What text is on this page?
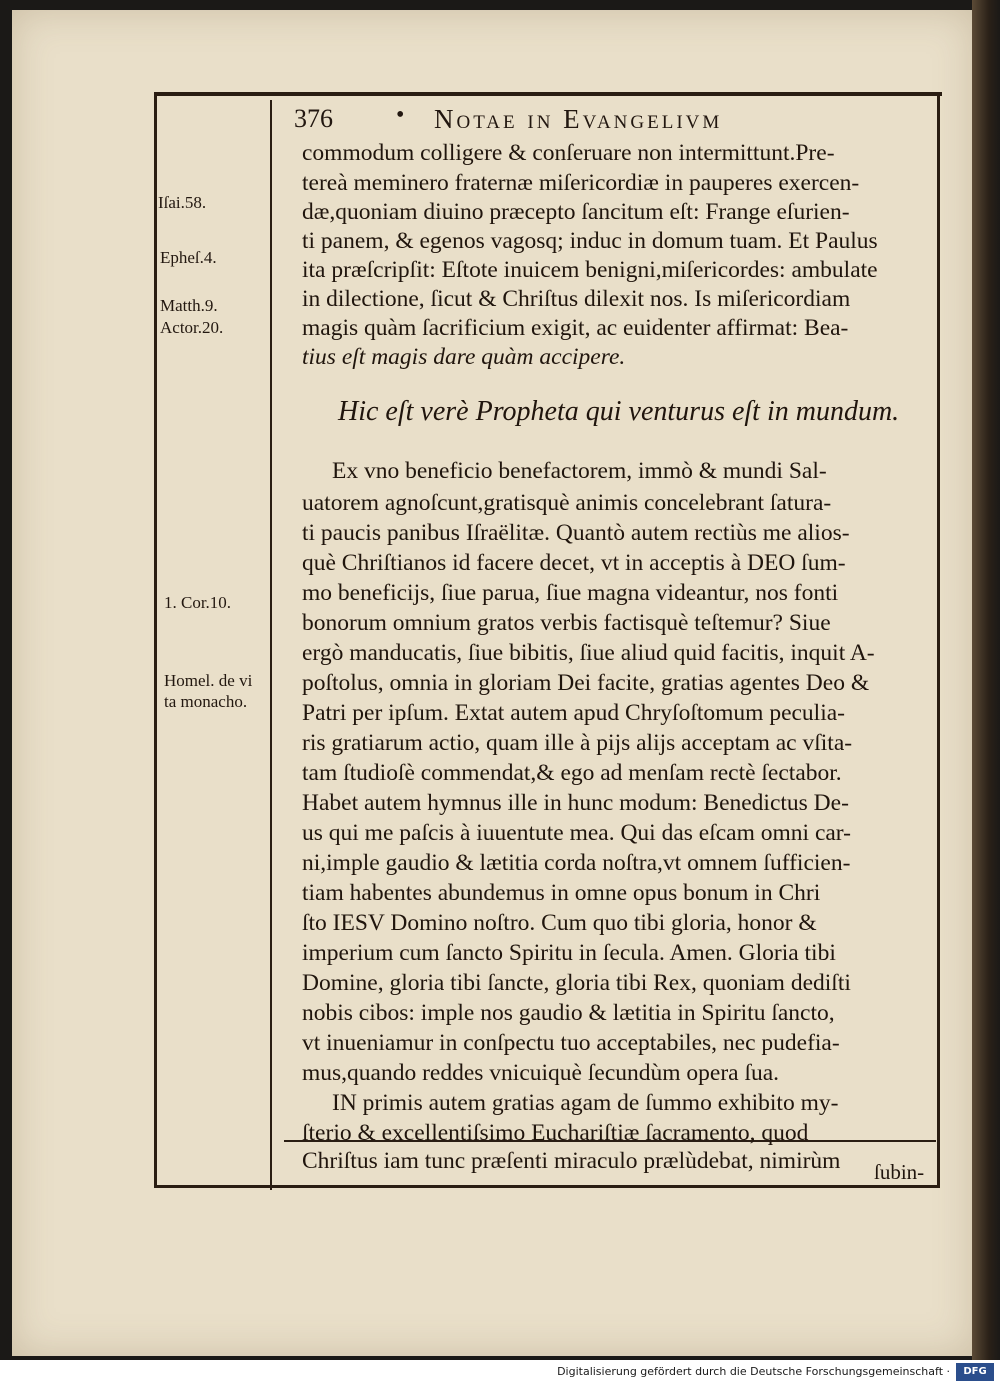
376	• Notae in Evangelivm
Iſai.58.
Epheſ.4.
Matth.9.
Actor.20.
1. Cor.10.
Homel. de vi
ta monacho.
commodum colligere & conſeruare non intermittunt.Pre-
tereà meminero fraternæ miſericordiæ in pauperes exercen-
dæ,quoniam diuino præcepto ſancitum eſt: Frange eſurien-
ti panem, & egenos vagosq; induc in domum tuam. Et Paulus
ita præſcripſit: Eſtote inuicem benigni,miſericordes: ambulate
in dilectione, ſicut & Chriſtus dilexit nos. Is miſericordiam
magis quàm ſacrificium exigit, ac euidenter affirmat: Bea-
tius eſt magis dare quàm accipere.
Hic eſt verè Propheta qui venturus eſt in mundum.
Ex vno beneficio benefactorem, immò & mundi Sal-
uatorem agnoſcunt,gratisquè animis concelebrant ſatura-
ti paucis panibus Iſraëlitæ. Quantò autem rectiùs me alios-
què Chriſtianos id facere decet, vt in acceptis à DEO ſum-
mo beneficijs, ſiue parua, ſiue magna videantur, nos fonti
bonorum omnium gratos verbis factisquè teſtemur? Siue
ergò manducatis, ſiue bibitis, ſiue aliud quid facitis, inquit A-
poſtolus, omnia in gloriam Dei facite, gratias agentes Deo &
Patri per ipſum. Extat autem apud Chryſoſtomum peculia-
ris gratiarum actio, quam ille à pijs alijs acceptam ac vſita-
tam ſtudioſè commendat,& ego ad menſam rectè ſectabor.
Habet autem hymnus ille in hunc modum: Benedictus De-
us qui me paſcis à iuuentute mea. Qui das eſcam omni car-
ni,imple gaudio & lætitia corda noſtra,vt omnem ſufficien-
tiam habentes abundemus in omne opus bonum in Chri
ſto IESV Domino noſtro. Cum quo tibi gloria, honor &
imperium cum ſancto Spiritu in ſecula. Amen. Gloria tibi
Domine, gloria tibi ſancte, gloria tibi Rex, quoniam dediſti
nobis cibos: imple nos gaudio & lætitia in Spiritu ſancto,
vt inueniamur in conſpectu tuo acceptabiles, nec pudefia-
mus,quando reddes vnicuiquè ſecundùm opera ſua.
IN primis autem gratias agam de ſummo exhibito my-
ſterio & excellentiſsimo Euchariſtiæ ſacramento, quod
Chriſtus iam tunc præſenti miraculo prælùdebat, nimirùm ſubin-
Digitalisierung gefördert durch die Deutsche Forschungsgemeinschaft ·	DFG
